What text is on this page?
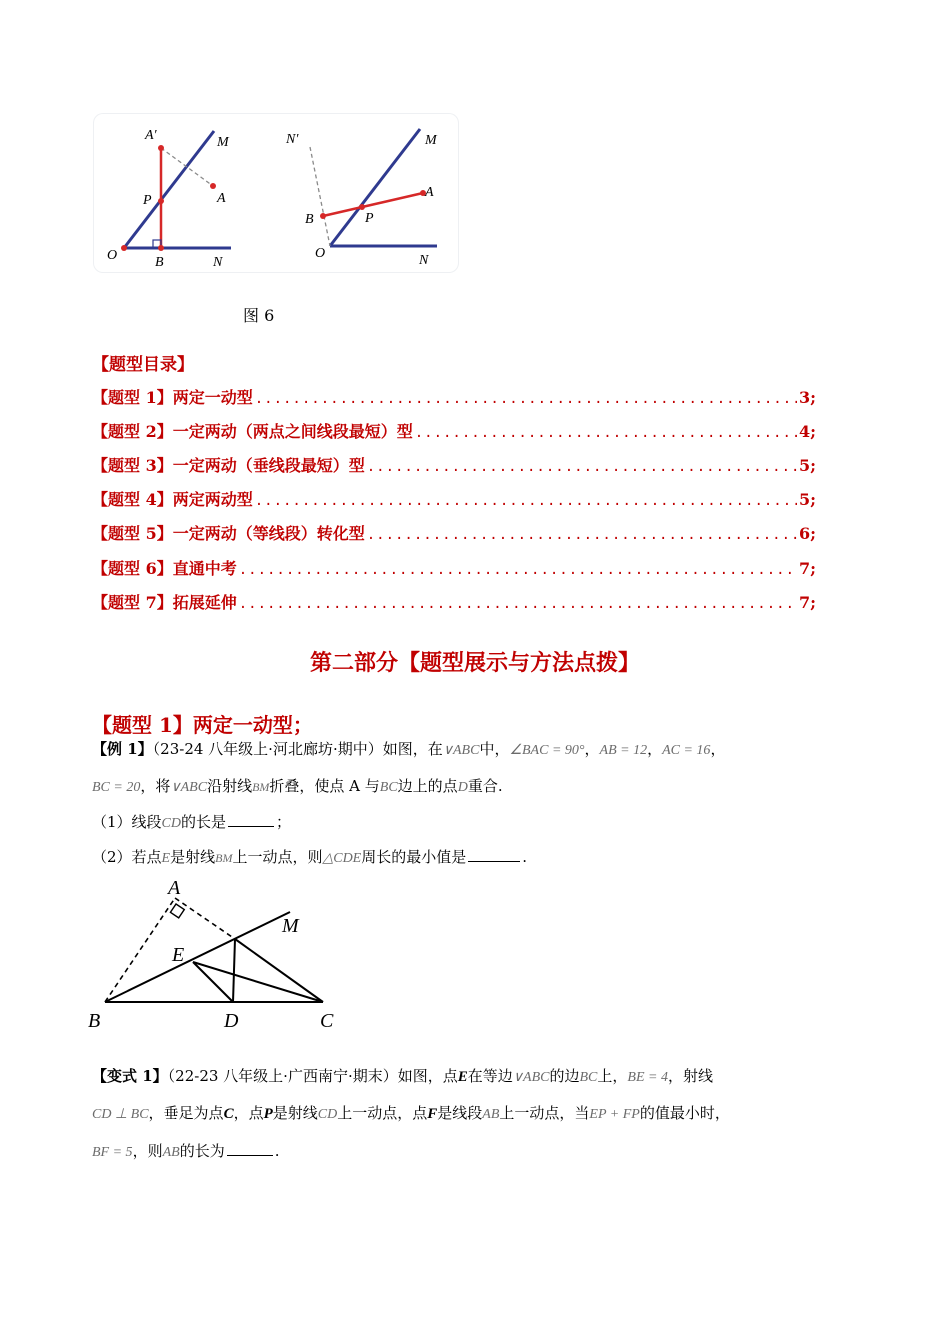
A′	M
A
P
O	B	N
N′	M
A
B	P
O	N
图 6
【题型目录】
【题型 1】两定一动型 .....	3;
【题型 2】一定两动（两点之间线段最短）型 .....	4;
【题型 3】一定两动（垂线段最短）型 .....	5;
【题型 4】两定两动型 .....	5;
【题型 5】一定两动（等线段）转化型 .....	6;
【题型 6】直通中考 .....	7;
【题型 7】拓展延伸 .....	7;
第二部分【题型展示与方法点拨】
【题型 1】两定一动型；
【例 1】（23-24 八年级上·河北廊坊·期中）如图，在∨ABC中，∠BAC = 90°，AB = 12，AC = 16，
BC = 20，将∨ABC沿射线BM折叠，使点 A 与BC边上的点D重合.
（1）线段CD的长是	；
（2）若点E是射线BM上一动点，则△CDE周长的最小值是	.
A
M
E
B	D	C
【变式 1】（22-23 八年级上·广西南宁·期末）如图，点E在等边∨ABC的边BC上，BE = 4，射线
CD ⊥ BC，垂足为点C，点P是射线CD上一动点，点F是线段AB上一动点，当EP + FP的值最小时，
BF = 5，则AB的长为	.
